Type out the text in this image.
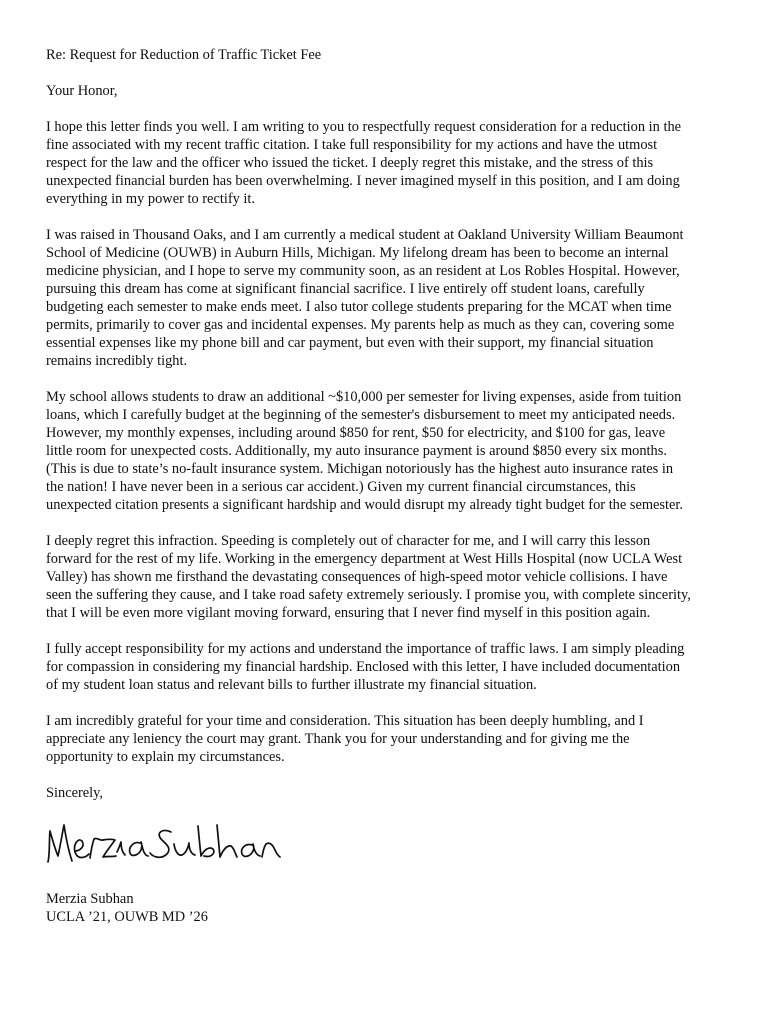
Re: Request for Reduction of Traffic Ticket Fee

Your Honor,

I hope this letter finds you well. I am writing to you to respectfully request consideration for a reduction in the
fine associated with my recent traffic citation. I take full responsibility for my actions and have the utmost
respect for the law and the officer who issued the ticket. I deeply regret this mistake, and the stress of this
unexpected financial burden has been overwhelming. I never imagined myself in this position, and I am doing
everything in my power to rectify it.

I was raised in Thousand Oaks, and I am currently a medical student at Oakland University William Beaumont
School of Medicine (OUWB) in Auburn Hills, Michigan. My lifelong dream has been to become an internal
medicine physician, and I hope to serve my community soon, as an resident at Los Robles Hospital. However,
pursuing this dream has come at significant financial sacrifice. I live entirely off student loans, carefully
budgeting each semester to make ends meet. I also tutor college students preparing for the MCAT when time
permits, primarily to cover gas and incidental expenses. My parents help as much as they can, covering some
essential expenses like my phone bill and car payment, but even with their support, my financial situation
remains incredibly tight.

My school allows students to draw an additional ~$10,000 per semester for living expenses, aside from tuition
loans, which I carefully budget at the beginning of the semester's disbursement to meet my anticipated needs.
However, my monthly expenses, including around $850 for rent, $50 for electricity, and $100 for gas, leave
little room for unexpected costs. Additionally, my auto insurance payment is around $850 every six months.
(This is due to state’s no-fault insurance system. Michigan notoriously has the highest auto insurance rates in
the nation! I have never been in a serious car accident.) Given my current financial circumstances, this
unexpected citation presents a significant hardship and would disrupt my already tight budget for the semester.

I deeply regret this infraction. Speeding is completely out of character for me, and I will carry this lesson
forward for the rest of my life. Working in the emergency department at West Hills Hospital (now UCLA West
Valley) has shown me firsthand the devastating consequences of high-speed motor vehicle collisions. I have
seen the suffering they cause, and I take road safety extremely seriously. I promise you, with complete sincerity,
that I will be even more vigilant moving forward, ensuring that I never find myself in this position again.

I fully accept responsibility for my actions and understand the importance of traffic laws. I am simply pleading
for compassion in considering my financial hardship. Enclosed with this letter, I have included documentation
of my student loan status and relevant bills to further illustrate my financial situation.

I am incredibly grateful for your time and consideration. This situation has been deeply humbling, and I
appreciate any leniency the court may grant. Thank you for your understanding and for giving me the
opportunity to explain my circumstances.

Sincerely,

Merzia Subhan
UCLA ’21, OUWB MD ’26
